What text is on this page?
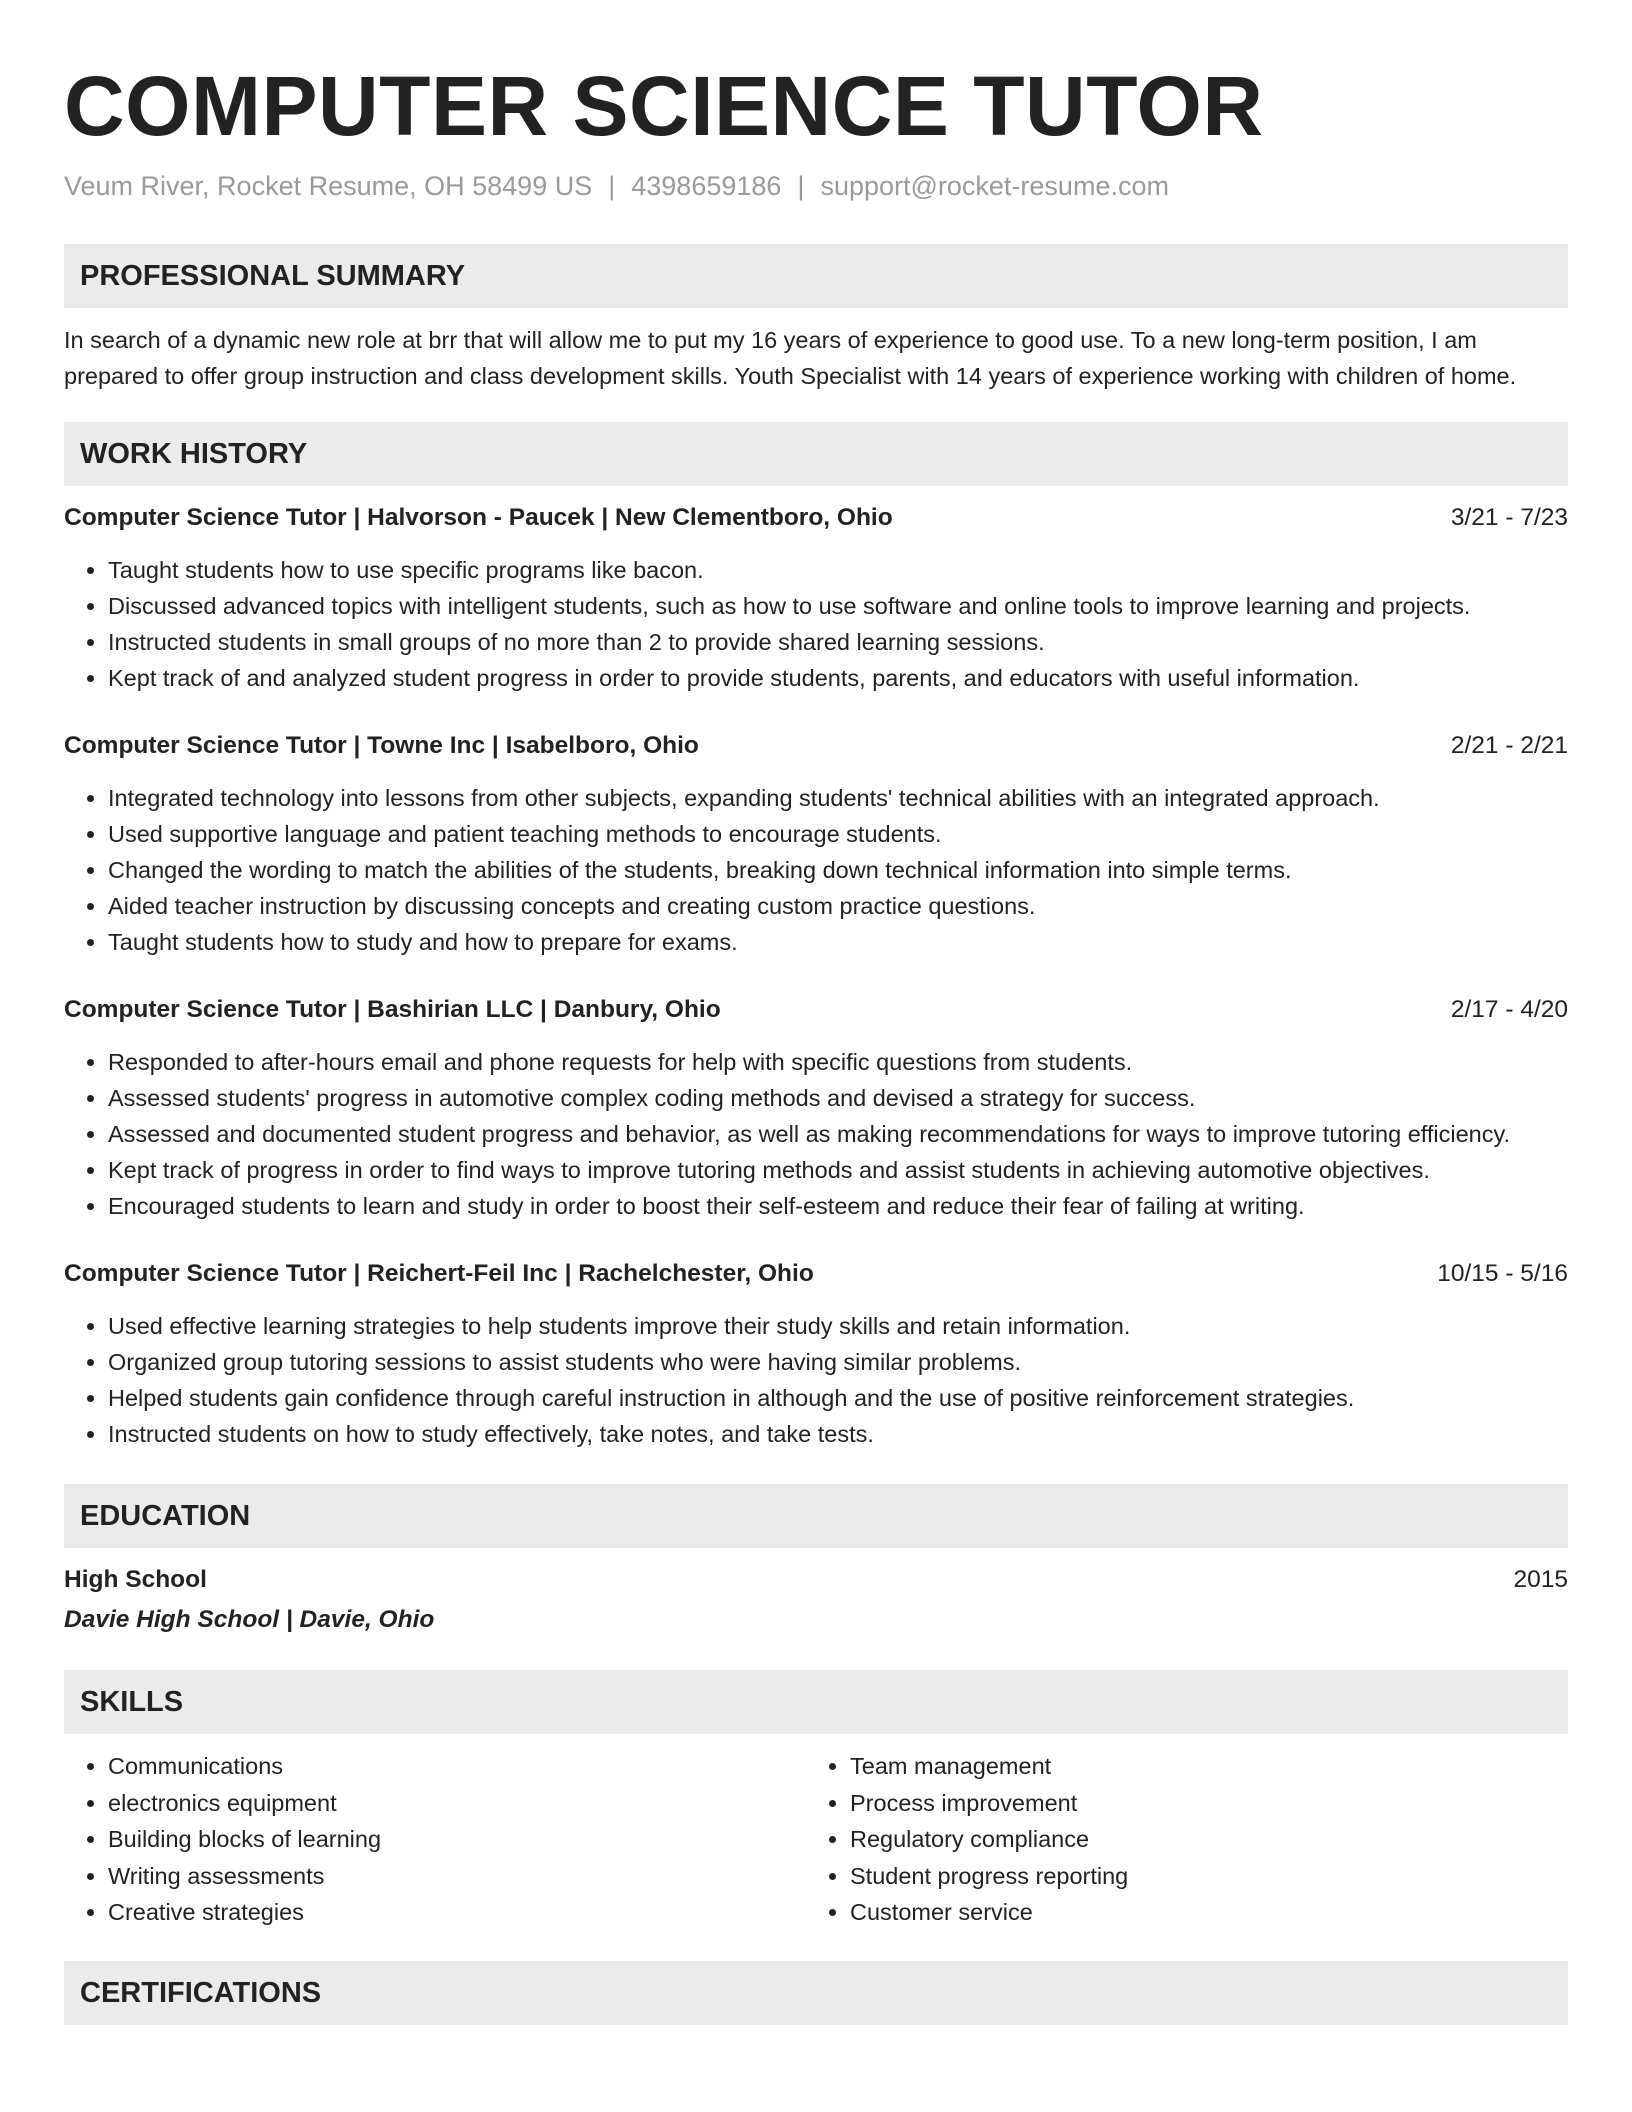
COMPUTER SCIENCE TUTOR
Veum River, Rocket Resume, OH 58499 US | 4398659186 | support@rocket-resume.com
PROFESSIONAL SUMMARY
In search of a dynamic new role at brr that will allow me to put my 16 years of experience to good use. To a new long-term position, I am prepared to offer group instruction and class development skills. Youth Specialist with 14 years of experience working with children of home.
WORK HISTORY
Computer Science Tutor | Halvorson - Paucek | New Clementboro, Ohio	3/21 - 7/23
• Taught students how to use specific programs like bacon.
• Discussed advanced topics with intelligent students, such as how to use software and online tools to improve learning and projects.
• Instructed students in small groups of no more than 2 to provide shared learning sessions.
• Kept track of and analyzed student progress in order to provide students, parents, and educators with useful information.
Computer Science Tutor | Towne Inc | Isabelboro, Ohio	2/21 - 2/21
• Integrated technology into lessons from other subjects, expanding students' technical abilities with an integrated approach.
• Used supportive language and patient teaching methods to encourage students.
• Changed the wording to match the abilities of the students, breaking down technical information into simple terms.
• Aided teacher instruction by discussing concepts and creating custom practice questions.
• Taught students how to study and how to prepare for exams.
Computer Science Tutor | Bashirian LLC | Danbury, Ohio	2/17 - 4/20
• Responded to after-hours email and phone requests for help with specific questions from students.
• Assessed students' progress in automotive complex coding methods and devised a strategy for success.
• Assessed and documented student progress and behavior, as well as making recommendations for ways to improve tutoring efficiency.
• Kept track of progress in order to find ways to improve tutoring methods and assist students in achieving automotive objectives.
• Encouraged students to learn and study in order to boost their self-esteem and reduce their fear of failing at writing.
Computer Science Tutor | Reichert-Feil Inc | Rachelchester, Ohio	10/15 - 5/16
• Used effective learning strategies to help students improve their study skills and retain information.
• Organized group tutoring sessions to assist students who were having similar problems.
• Helped students gain confidence through careful instruction in although and the use of positive reinforcement strategies.
• Instructed students on how to study effectively, take notes, and take tests.
EDUCATION
High School	2015
Davie High School | Davie, Ohio
SKILLS
• Communications
• electronics equipment
• Building blocks of learning
• Writing assessments
• Creative strategies
• Team management
• Process improvement
• Regulatory compliance
• Student progress reporting
• Customer service
CERTIFICATIONS
